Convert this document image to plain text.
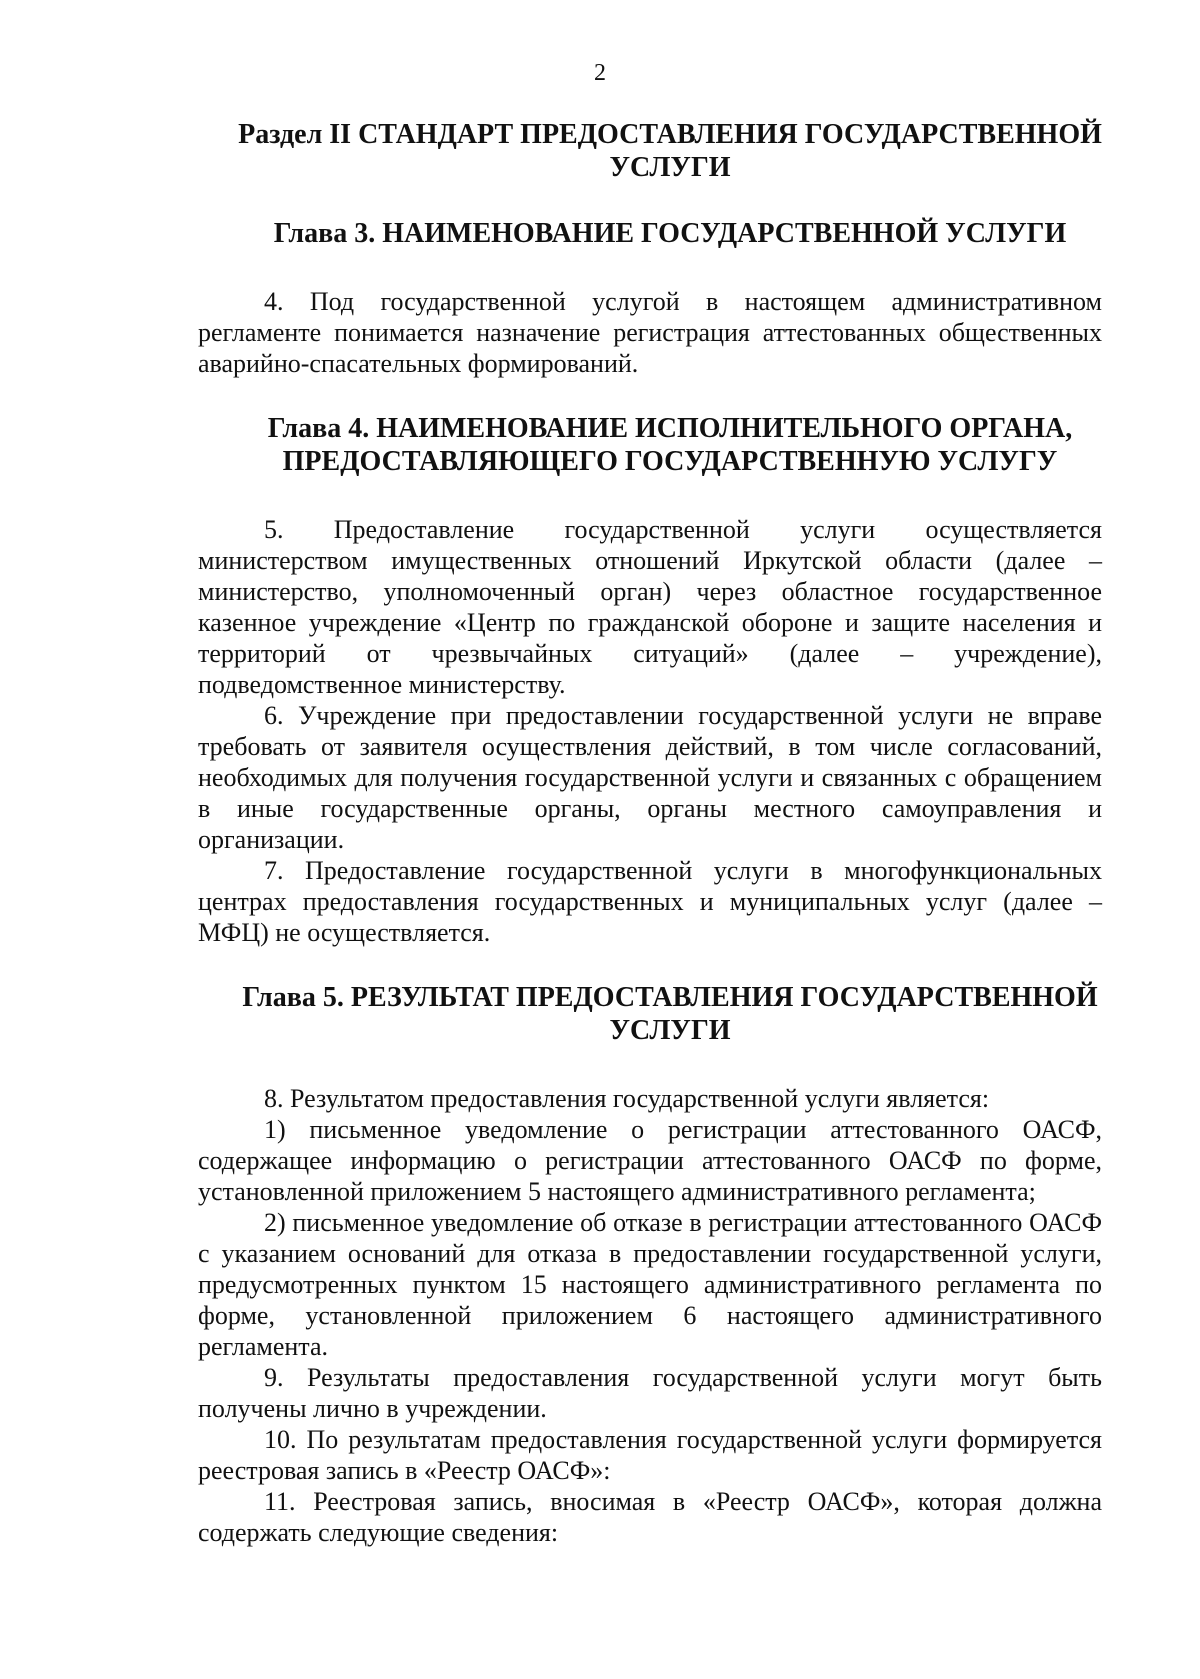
2
Раздел II СТАНДАРТ ПРЕДОСТАВЛЕНИЯ ГОСУДАРСТВЕННОЙ УСЛУГИ
Глава 3. НАИМЕНОВАНИЕ ГОСУДАРСТВЕННОЙ УСЛУГИ

4. Под государственной услугой в настоящем административном регламенте понимается назначение регистрация аттестованных общественных аварийно-спасательных формирований.

Глава 4. НАИМЕНОВАНИЕ ИСПОЛНИТЕЛЬНОГО ОРГАНА, ПРЕДОСТАВЛЯЮЩЕГО ГОСУДАРСТВЕННУЮ УСЛУГУ

5. Предоставление государственной услуги осуществляется министерством имущественных отношений Иркутской области (далее – министерство, уполномоченный орган) через областное государственное казенное учреждение «Центр по гражданской обороне и защите населения и территорий от чрезвычайных ситуаций» (далее – учреждение), подведомственное министерству.

6. Учреждение при предоставлении государственной услуги не вправе требовать от заявителя осуществления действий, в том числе согласований, необходимых для получения государственной услуги и связанных с обращением в иные государственные органы, органы местного самоуправления и организации.

7. Предоставление государственной услуги в многофункциональных центрах предоставления государственных и муниципальных услуг (далее – МФЦ) не осуществляется.

Глава 5. РЕЗУЛЬТАТ ПРЕДОСТАВЛЕНИЯ ГОСУДАРСТВЕННОЙ УСЛУГИ

8. Результатом предоставления государственной услуги является:

1) письменное уведомление о регистрации аттестованного ОАСФ, содержащее информацию о регистрации аттестованного ОАСФ по форме, установленной приложением 5 настоящего административного регламента;

2) письменное уведомление об отказе в регистрации аттестованного ОАСФ с указанием оснований для отказа в предоставлении государственной услуги, предусмотренных пунктом 15 настоящего административного регламента по форме, установленной приложением 6 настоящего административного регламента.

9. Результаты предоставления государственной услуги могут быть получены лично в учреждении.

10. По результатам предоставления государственной услуги формируется реестровая запись в «Реестр ОАСФ»:

11. Реестровая запись, вносимая в «Реестр ОАСФ», которая должна содержать следующие сведения:
